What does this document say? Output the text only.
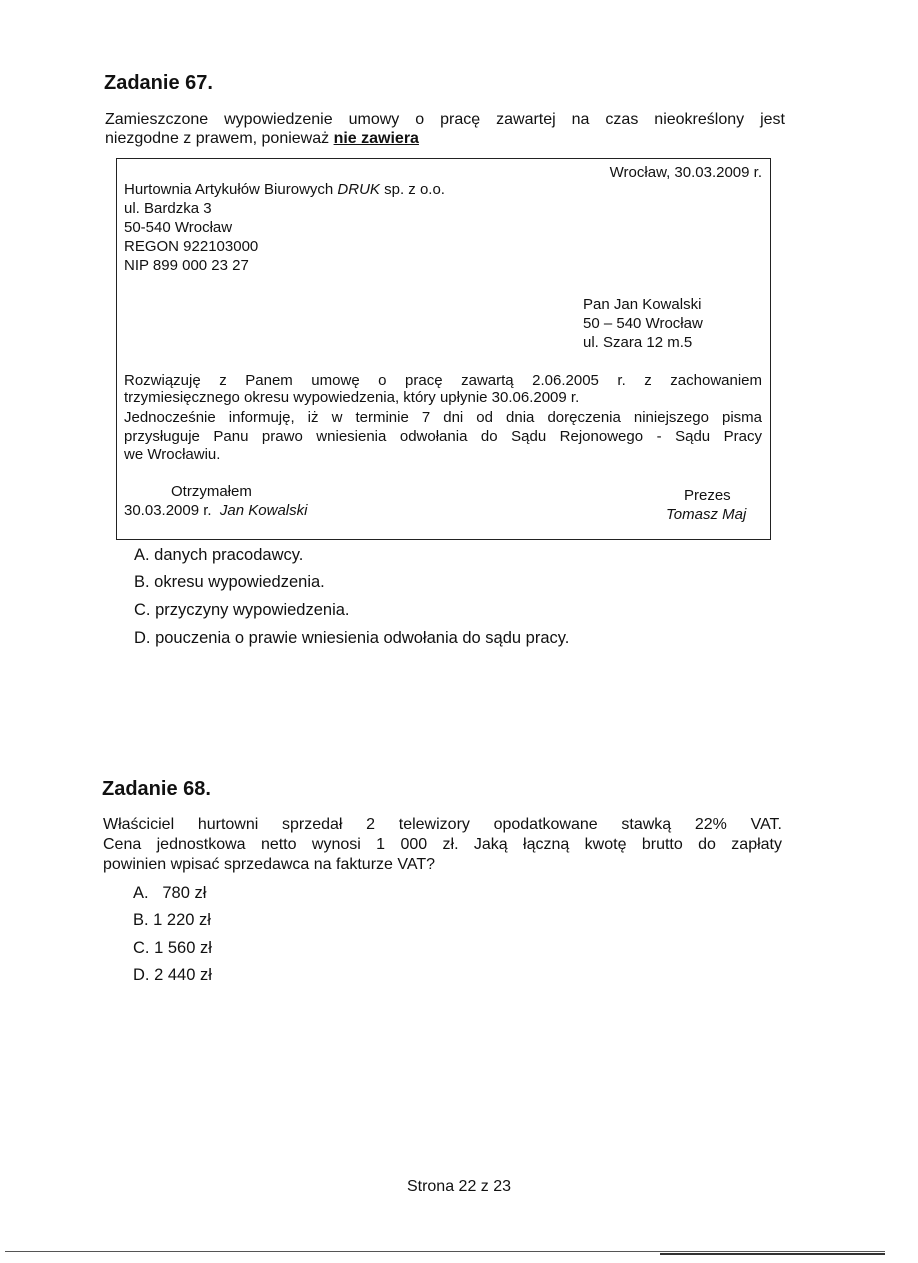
Zadanie 67.
Zamieszczone wypowiedzenie umowy o pracę zawartej na czas nieokreślony jest
niezgodne z prawem, ponieważ nie zawiera
Wrocław, 30.03.2009 r.
Hurtownia Artykułów Biurowych DRUK sp. z o.o.
ul. Bardzka 3
50-540 Wrocław
REGON 922103000
NIP 899 000 23 27
Pan Jan Kowalski
50 – 540 Wrocław
ul. Szara 12 m.5
Rozwiązuję z Panem umowę o pracę zawartą 2.06.2005 r. z zachowaniem
trzymiesięcznego okresu wypowiedzenia, który upłynie 30.06.2009 r.
Jednocześnie informuję, iż w terminie 7 dni od dnia doręczenia niniejszego pisma
przysługuje Panu prawo wniesienia odwołania do Sądu Rejonowego - Sądu Pracy
we Wrocławiu.
Otrzymałem
30.03.2009 r. Jan Kowalski
Prezes
Tomasz Maj
A. danych pracodawcy.
B. okresu wypowiedzenia.
C. przyczyny wypowiedzenia.
D. pouczenia o prawie wniesienia odwołania do sądu pracy.
Zadanie 68.
Właściciel hurtowni sprzedał 2 telewizory opodatkowane stawką 22% VAT.
Cena jednostkowa netto wynosi 1 000 zł. Jaką łączną kwotę brutto do zapłaty
powinien wpisać sprzedawca na fakturze VAT?
A.   780 zł
B. 1 220 zł
C. 1 560 zł
D. 2 440 zł
Strona 22 z 23
